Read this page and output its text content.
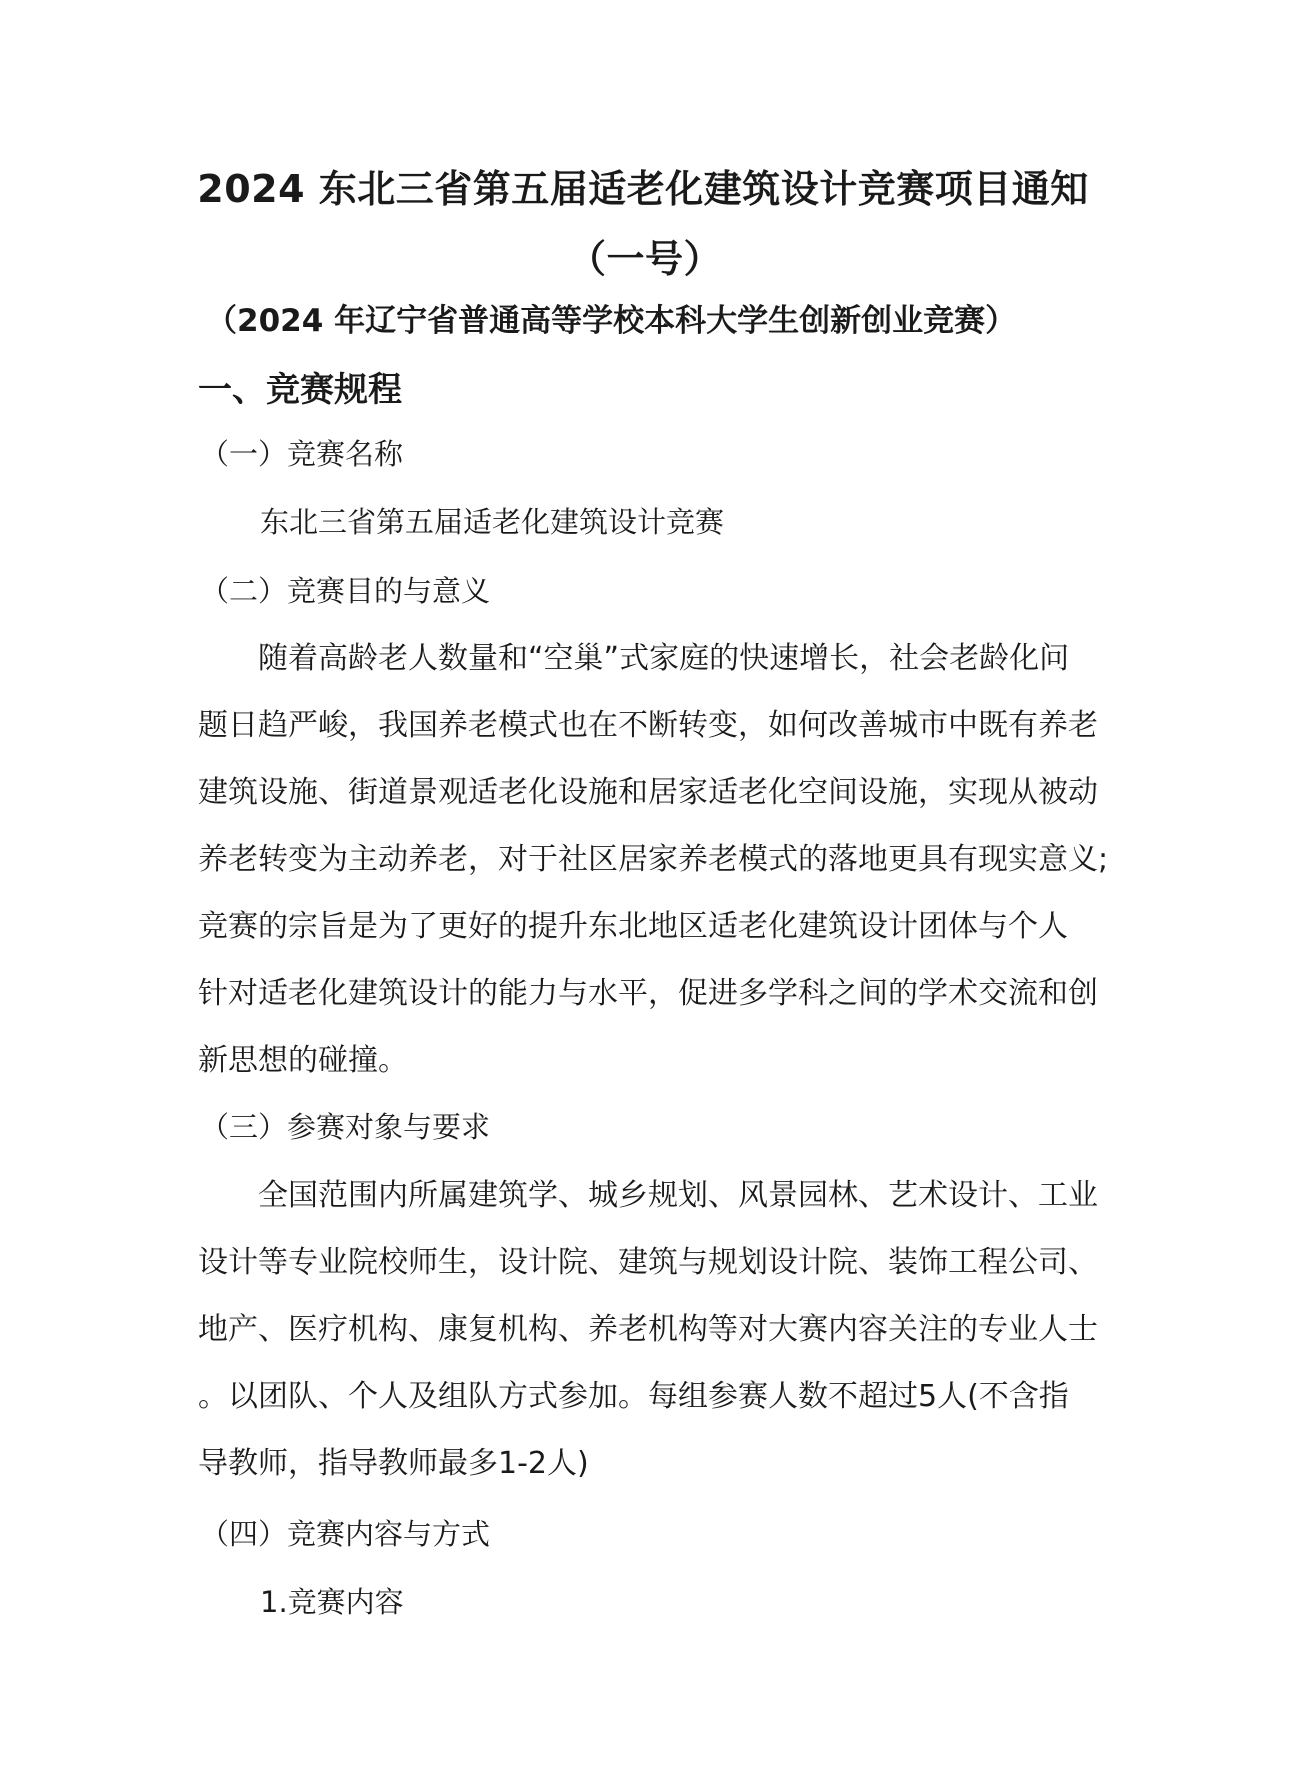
2024 东北三省第五届适老化建筑设计竞赛项目通知
（一号）
（2024 年辽宁省普通高等学校本科大学生创新创业竞赛）
一、竞赛规程
（一）竞赛名称
东北三省第五届适老化建筑设计竞赛
（二）竞赛目的与意义
随着高龄老人数量和“空巢”式家庭的快速增长，社会老龄化问
题日趋严峻，我国养老模式也在不断转变，如何改善城市中既有养老
建筑设施、街道景观适老化设施和居家适老化空间设施，实现从被动
养老转变为主动养老，对于社区居家养老模式的落地更具有现实意义;
竞赛的宗旨是为了更好的提升东北地区适老化建筑设计团体与个人
针对适老化建筑设计的能力与水平，促进多学科之间的学术交流和创
新思想的碰撞。
（三）参赛对象与要求
全国范围内所属建筑学、城乡规划、风景园林、艺术设计、工业
设计等专业院校师生，设计院、建筑与规划设计院、装饰工程公司、
地产、医疗机构、康复机构、养老机构等对大赛内容关注的专业人士
。以团队、个人及组队方式参加。每组参赛人数不超过5人(不含指
导教师，指导教师最多1-2人)
（四）竞赛内容与方式
1.竞赛内容
